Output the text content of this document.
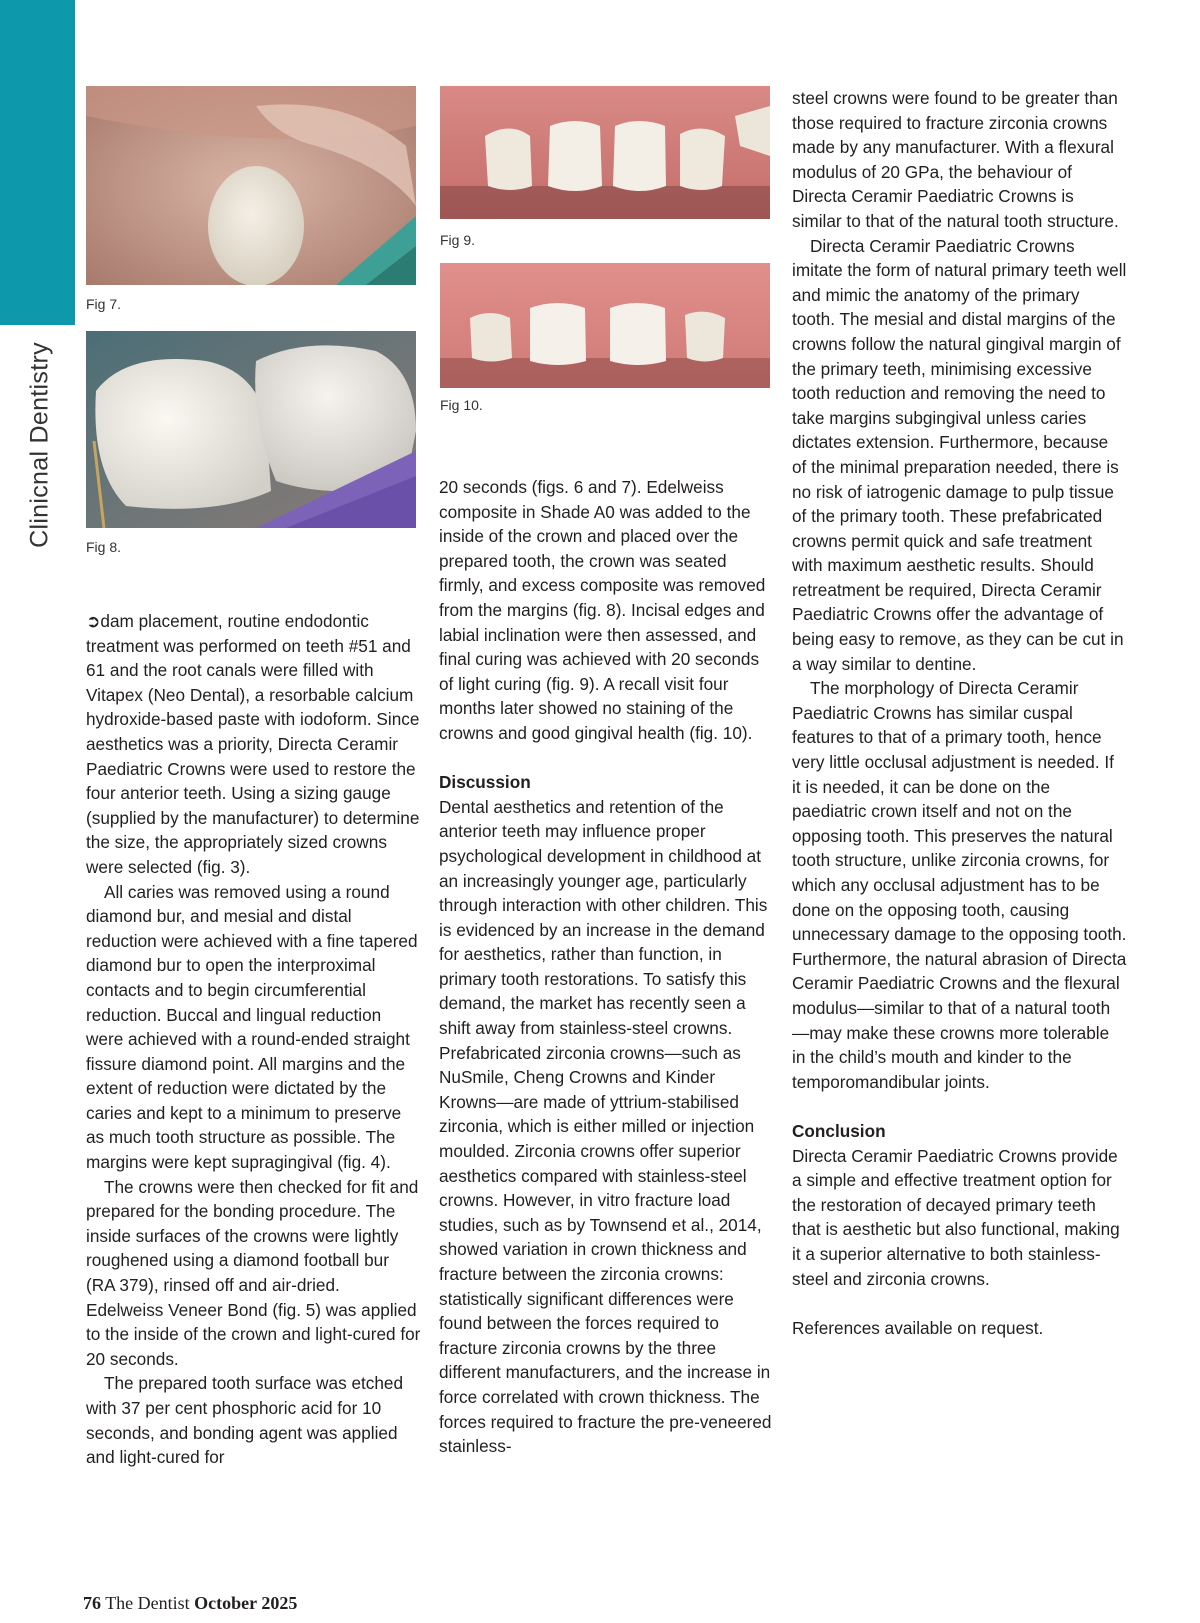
Clinicnal Dentistry
Fig 7.
Fig 8.
Fig 9.
Fig 10.

➲dam placement, routine endodontic treatment was performed on teeth #51 and 61 and the root canals were filled with Vitapex (Neo Dental), a resorbable calcium hydroxide-based paste with iodoform. Since aesthetics was a priority, Directa Ceramir Paediatric Crowns were used to restore the four anterior teeth. Using a sizing gauge (supplied by the manufacturer) to determine the size, the appropriately sized crowns were selected (fig. 3).

All caries was removed using a round diamond bur, and mesial and distal reduction were achieved with a fine tapered diamond bur to open the interproximal contacts and to begin circumferential reduction. Buccal and lingual reduction were achieved with a round-ended straight fissure diamond point. All margins and the extent of reduction were dictated by the caries and kept to a minimum to preserve as much tooth structure as possible. The margins were kept supragingival (fig. 4).

The crowns were then checked for fit and prepared for the bonding procedure. The inside surfaces of the crowns were lightly roughened using a diamond football bur (RA 379), rinsed off and air-dried. Edelweiss Veneer Bond (fig. 5) was applied to the inside of the crown and light-cured for 20 seconds.

The prepared tooth surface was etched with 37 per cent phosphoric acid for 10 seconds, and bonding agent was applied and light-cured for

20 seconds (figs. 6 and 7). Edelweiss composite in Shade A0 was added to the inside of the crown and placed over the prepared tooth, the crown was seated firmly, and excess composite was removed from the margins (fig. 8). Incisal edges and labial inclination were then assessed, and final curing was achieved with 20 seconds of light curing (fig. 9). A recall visit four months later showed no staining of the crowns and good gingival health (fig. 10).

Discussion

Dental aesthetics and retention of the anterior teeth may influence proper psychological development in childhood at an increasingly younger age, particularly through interaction with other children. This is evidenced by an increase in the demand for aesthetics, rather than function, in primary tooth restorations. To satisfy this demand, the market has recently seen a shift away from stainless-steel crowns. Prefabricated zirconia crowns—such as NuSmile, Cheng Crowns and Kinder Krowns—are made of yttrium-stabilised zirconia, which is either milled or injection moulded. Zirconia crowns offer superior aesthetics compared with stainless-steel crowns. However, in vitro fracture load studies, such as by Townsend et al., 2014, showed variation in crown thickness and fracture between the zirconia crowns: statistically significant differences were found between the forces required to fracture zirconia crowns by the three different manufacturers, and the increase in force correlated with crown thickness. The forces required to fracture the pre-veneered stainless-

steel crowns were found to be greater than those required to fracture zirconia crowns made by any manufacturer. With a flexural modulus of 20 GPa, the behaviour of Directa Ceramir Paediatric Crowns is similar to that of the natural tooth structure.

Directa Ceramir Paediatric Crowns imitate the form of natural primary teeth well and mimic the anatomy of the primary tooth. The mesial and distal margins of the crowns follow the natural gingival margin of the primary teeth, minimising excessive tooth reduction and removing the need to take margins subgingival unless caries dictates extension. Furthermore, because of the minimal preparation needed, there is no risk of iatrogenic damage to pulp tissue of the primary tooth. These prefabricated crowns permit quick and safe treatment with maximum aesthetic results. Should retreatment be required, Directa Ceramir Paediatric Crowns offer the advantage of being easy to remove, as they can be cut in a way similar to dentine.

The morphology of Directa Ceramir Paediatric Crowns has similar cuspal features to that of a primary tooth, hence very little occlusal adjustment is needed. If it is needed, it can be done on the paediatric crown itself and not on the opposing tooth. This preserves the natural tooth structure, unlike zirconia crowns, for which any occlusal adjustment has to be done on the opposing tooth, causing unnecessary damage to the opposing tooth. Furthermore, the natural abrasion of Directa Ceramir Paediatric Crowns and the flexural modulus—similar to that of a natural tooth—may make these crowns more tolerable in the child’s mouth and kinder to the temporomandibular joints.

Conclusion

Directa Ceramir Paediatric Crowns provide a simple and effective treatment option for the restoration of decayed primary teeth that is aesthetic but also functional, making it a superior alternative to both stainless-steel and zirconia crowns.

References available on request.

76 The Dentist October 2025
